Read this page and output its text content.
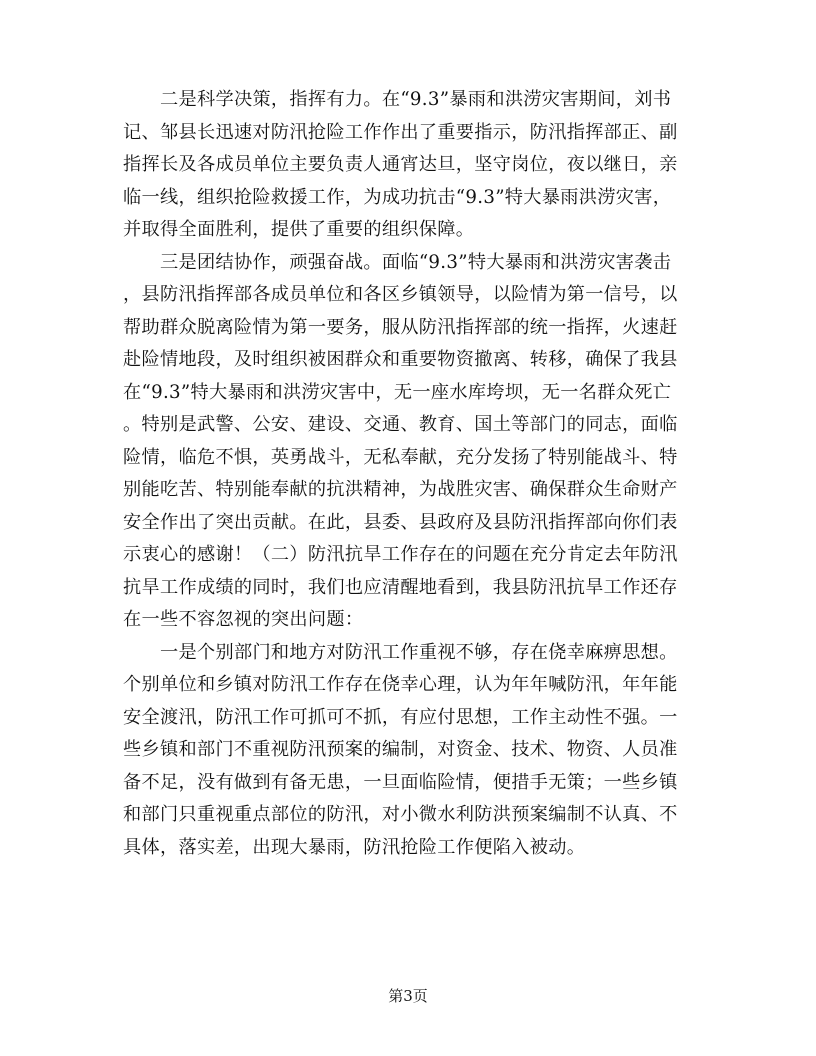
二是科学决策，指挥有力。在“9.3”暴雨和洪涝灾害期间，刘书
记、邹县长迅速对防汛抢险工作作出了重要指示，防汛指挥部正、副
指挥长及各成员单位主要负责人通宵达旦，坚守岗位，夜以继日，亲
临一线，组织抢险救援工作，为成功抗击“9.3”特大暴雨洪涝灾害，
并取得全面胜利，提供了重要的组织保障。
三是团结协作，顽强奋战。面临“9.3”特大暴雨和洪涝灾害袭击
，县防汛指挥部各成员单位和各区乡镇领导，以险情为第一信号，以
帮助群众脱离险情为第一要务，服从防汛指挥部的统一指挥，火速赶
赴险情地段，及时组织被困群众和重要物资撤离、转移，确保了我县
在“9.3”特大暴雨和洪涝灾害中，无一座水库垮坝，无一名群众死亡
。特别是武警、公安、建设、交通、教育、国土等部门的同志，面临
险情，临危不惧，英勇战斗，无私奉献，充分发扬了特别能战斗、特
别能吃苦、特别能奉献的抗洪精神，为战胜灾害、确保群众生命财产
安全作出了突出贡献。在此，县委、县政府及县防汛指挥部向你们表
示衷心的感谢！（二）防汛抗旱工作存在的问题在充分肯定去年防汛
抗旱工作成绩的同时，我们也应清醒地看到，我县防汛抗旱工作还存
在一些不容忽视的突出问题：
一是个别部门和地方对防汛工作重视不够，存在侥幸麻痹思想。
个别单位和乡镇对防汛工作存在侥幸心理，认为年年喊防汛，年年能
安全渡汛，防汛工作可抓可不抓，有应付思想，工作主动性不强。一
些乡镇和部门不重视防汛预案的编制，对资金、技术、物资、人员准
备不足，没有做到有备无患，一旦面临险情，便措手无策；一些乡镇
和部门只重视重点部位的防汛，对小微水利防洪预案编制不认真、不
具体，落实差，出现大暴雨，防汛抢险工作便陷入被动。
第3页
